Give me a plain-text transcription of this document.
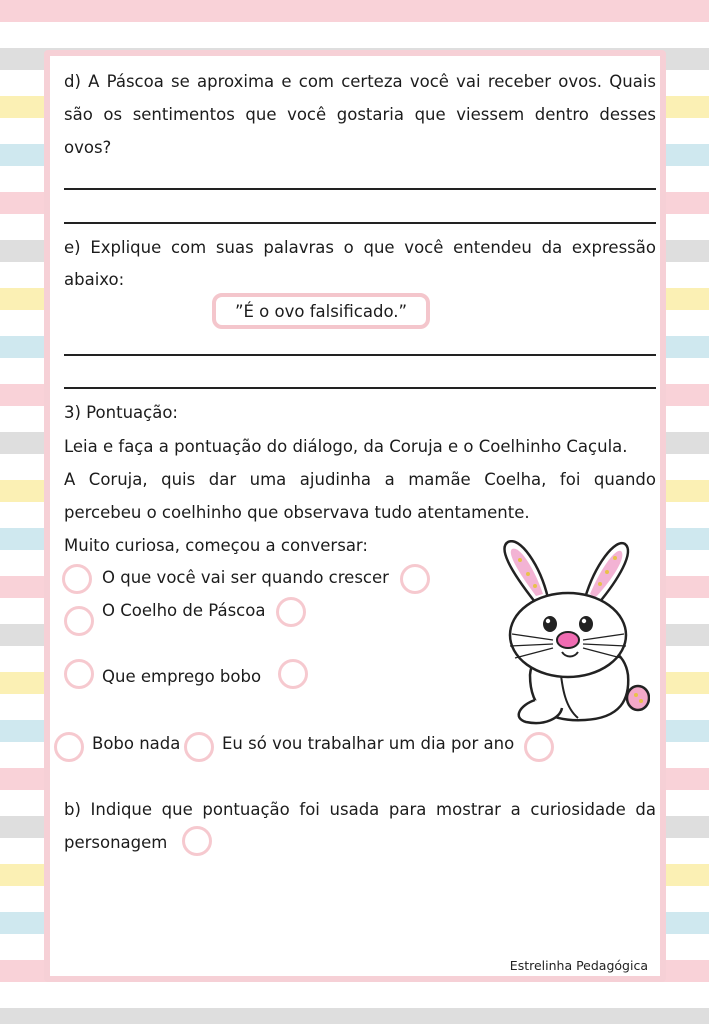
d) A Páscoa se aproxima e com certeza você vai receber ovos. Quais
são os sentimentos que você gostaria que viessem dentro desses
ovos?
e) Explique com suas palavras o que você entendeu da expressão
abaixo:
”É o ovo falsificado.”
3) Pontuação:
Leia e faça a pontuação do diálogo, da Coruja e o Coelhinho Caçula.
A Coruja, quis dar uma ajudinha a mamãe Coelha, foi quando
percebeu o coelhinho que observava tudo atentamente.
Muito curiosa, começou a conversar:
O que você vai ser quando crescer
O Coelho de Páscoa
Que emprego bobo
Bobo nada	Eu só vou trabalhar um dia por ano
b) Indique que pontuação foi usada para mostrar a curiosidade da
personagem
Estrelinha Pedagógica
